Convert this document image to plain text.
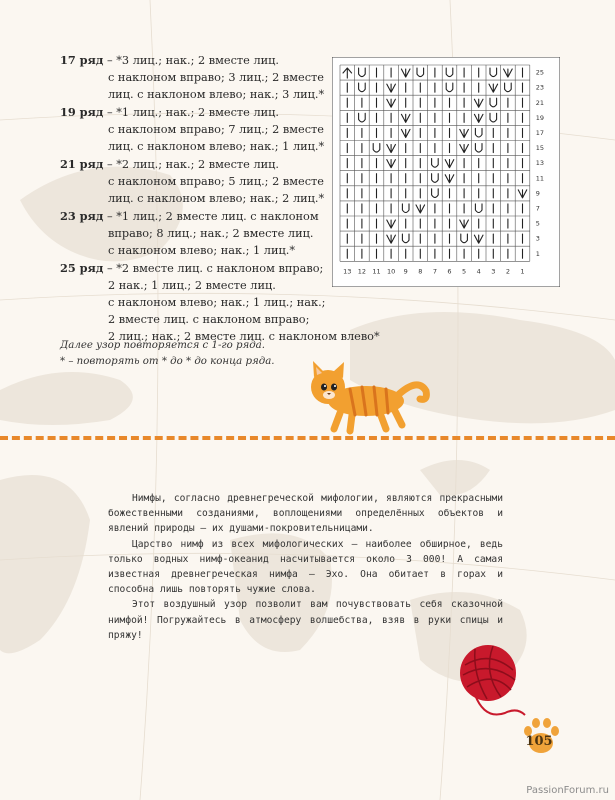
17 ряд – *3 лиц.; нак.; 2 вместе лиц.
с наклоном вправо; 3 лиц.; 2 вместе
лиц. с наклоном влево; нак.; 3 лиц.*
19 ряд – *1 лиц.; нак.; 2 вместе лиц.
с наклоном вправо; 7 лиц.; 2 вместе
лиц. с наклоном влево; нак.; 1 лиц.*
21 ряд – *2 лиц.; нак.; 2 вместе лиц.
с наклоном вправо; 5 лиц.; 2 вместе
лиц. с наклоном влево; нак.; 2 лиц.*
23 ряд – *1 лиц.; 2 вместе лиц. с наклоном
вправо; 8 лиц.; нак.; 2 вместе лиц.
с наклоном влево; нак.; 1 лиц.*
25 ряд – *2 вместе лиц. с наклоном вправо;
2 нак.; 1 лиц.; 2 вместе лиц.
с наклоном влево; нак.; 1 лиц.; нак.;
2 вместе лиц. с наклоном вправо;
2 лиц.; нак.; 2 вместе лиц. с наклоном влево*
25
23
21
19
17
15
13
11
9
7
5
3
1
13 12 11 10 9 8 7 6 5 4 3 2 1
Далее узор повторяется с 1-го ряда.
* – повторять от * до * до конца ряда.

Нимфы, согласно древнегреческой мифологии, являются прекрасными божественными созданиями, воплощениями определённых объектов и явлений природы – их душами-покровительницами.

Царство нимф из всех мифологических – наиболее обширное, ведь только водных нимф-океанид насчитывается около 3 000! А самая известная древнегреческая нимфа – Эхо. Она обитает в горах и способна лишь повторять чужие слова.

Этот воздушный узор позволит вам почувствовать себя сказочной нимфой! Погружайтесь в атмосферу волшебства, взяв в руки спицы и пряжу!

105
PassionForum.ru
